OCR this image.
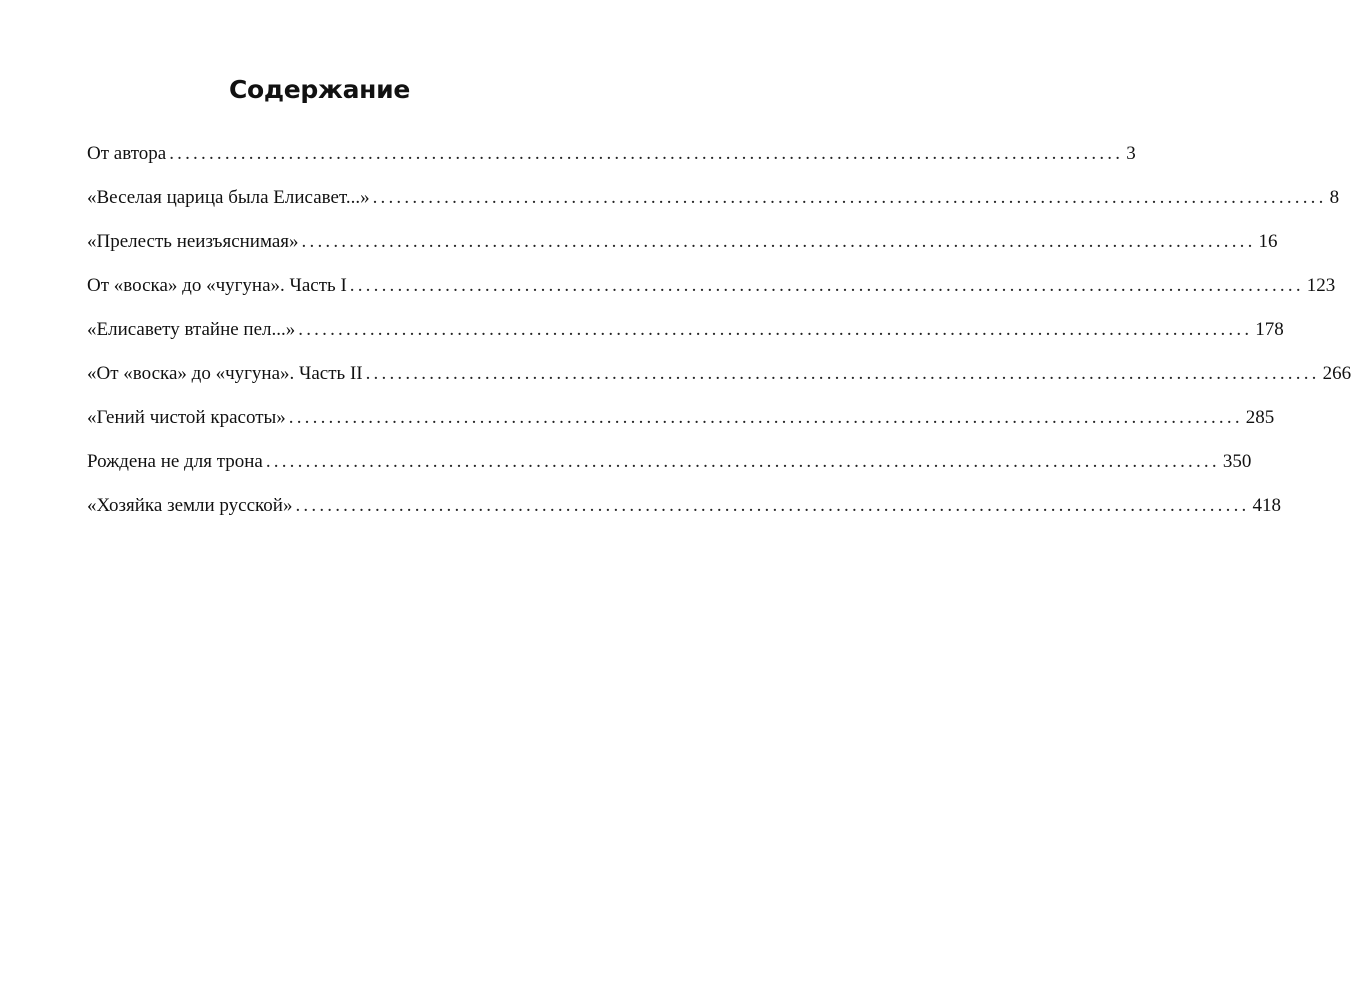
Содержание
От автора ........................................................................................................................ 3
«Веселая царица была Елисавет...» ........................................................................................................................ 8
«Прелесть неизъяснимая» ........................................................................................................................ 16
От «воска» до «чугуна». Часть I ........................................................................................................................ 123
«Елисавету втайне пел...» ........................................................................................................................ 178
«От «воска» до «чугуна». Часть II ........................................................................................................................ 266
«Гений чистой красоты» ........................................................................................................................ 285
Рождена не для трона ........................................................................................................................ 350
«Хозяйка земли русской» ........................................................................................................................ 418
